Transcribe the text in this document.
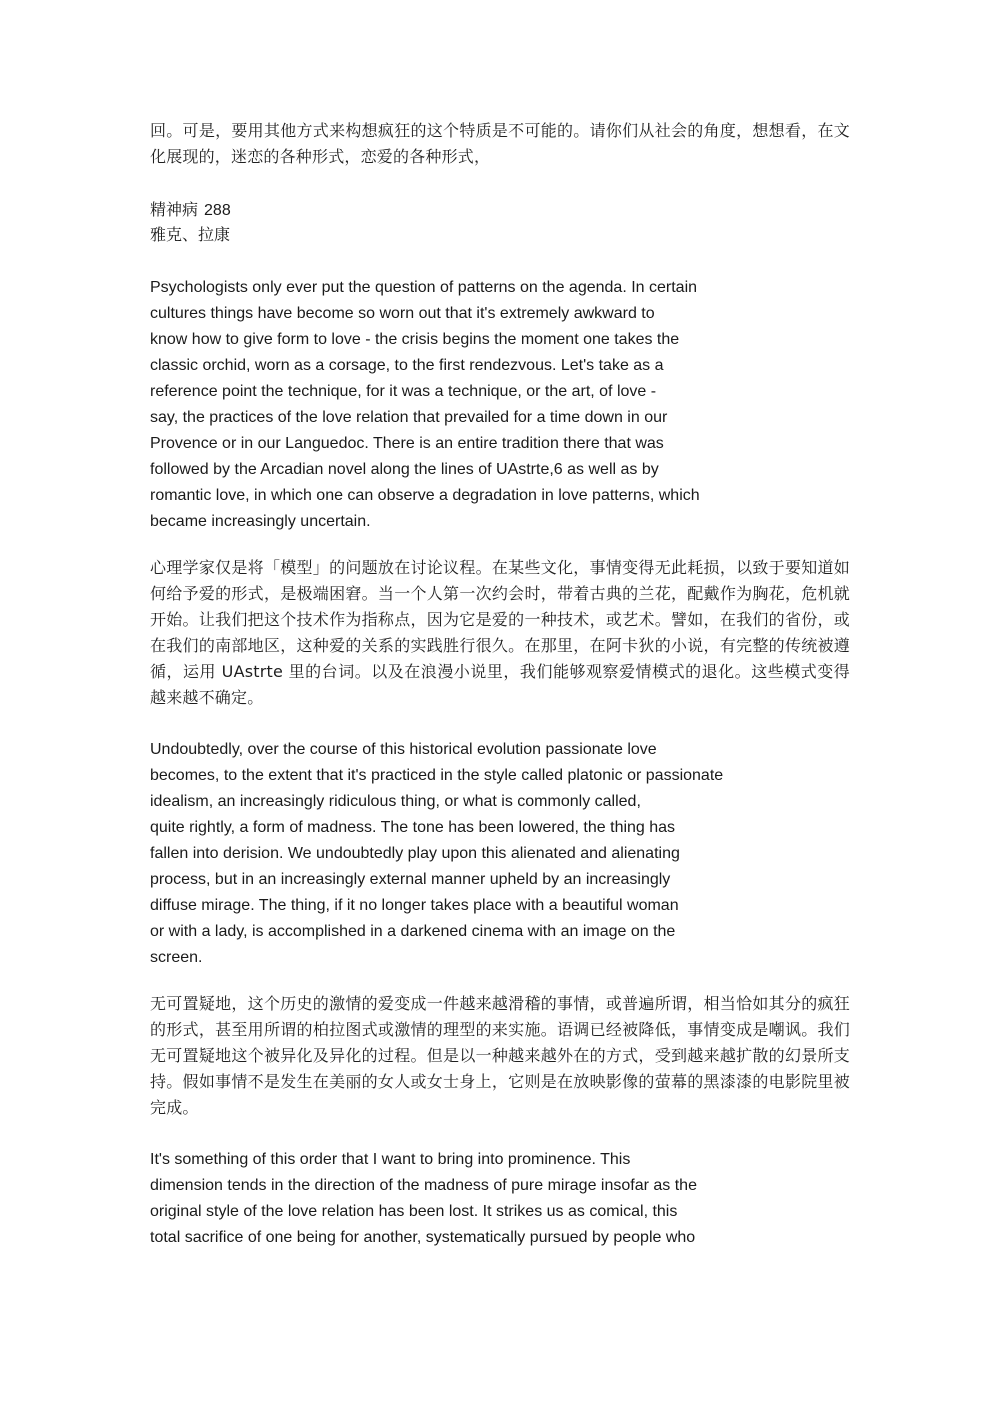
回。可是，要用其他方式来构想疯狂的这个特质是不可能的。请你们从社会的角度，想想看，在文化展现的，迷恋的各种形式，恋爱的各种形式，

精神病 288

雅克、拉康

Psychologists only ever put the question of patterns on the agenda. In certain
cultures things have become so worn out that it's extremely awkward to
know how to give form to love - the crisis begins the moment one takes the
classic orchid, worn as a corsage, to the first rendezvous. Let's take as a
reference point the technique, for it was a technique, or the art, of love -
say, the practices of the love relation that prevailed for a time down in our
Provence or in our Languedoc. There is an entire tradition there that was
followed by the Arcadian novel along the lines of UAstrte,6 as well as by
romantic love, in which one can observe a degradation in love patterns, which
became increasingly uncertain.

心理学家仅是将「模型」的问题放在讨论议程。在某些文化，事情变得无此耗损，以致于要知道如何给予爱的形式，是极端困窘。当一个人第一次约会时，带着古典的兰花，配戴作为胸花，危机就开始。让我们把这个技术作为指称点，因为它是爱的一种技术，或艺术。譬如，在我们的省份，或在我们的南部地区，这种爱的关系的实践胜行很久。在那里，在阿卡狄的小说，有完整的传统被遵循，运用 UAstrte 里的台词。以及在浪漫小说里，我们能够观察爱情模式的退化。这些模式变得越来越不确定。

Undoubtedly, over the course of this historical evolution passionate love
becomes, to the extent that it's practiced in the style called platonic or passionate
idealism, an increasingly ridiculous thing, or what is commonly called,
quite rightly, a form of madness. The tone has been lowered, the thing has
fallen into derision. We undoubtedly play upon this alienated and alienating
process, but in an increasingly external manner upheld by an increasingly
diffuse mirage. The thing, if it no longer takes place with a beautiful woman
or with a lady, is accomplished in a darkened cinema with an image on the
screen.

无可置疑地，这个历史的激情的爱变成一件越来越滑稽的事情，或普遍所谓，相当恰如其分的疯狂的形式，甚至用所谓的柏拉图式或激情的理型的来实施。语调已经被降低，事情变成是嘲讽。我们无可置疑地这个被异化及异化的过程。但是以一种越来越外在的方式，受到越来越扩散的幻景所支持。假如事情不是发生在美丽的女人或女士身上，它则是在放映影像的萤幕的黑漆漆的电影院里被完成。

It's something of this order that I want to bring into prominence. This
dimension tends in the direction of the madness of pure mirage insofar as the
original style of the love relation has been lost. It strikes us as comical, this
total sacrifice of one being for another, systematically pursued by people who
